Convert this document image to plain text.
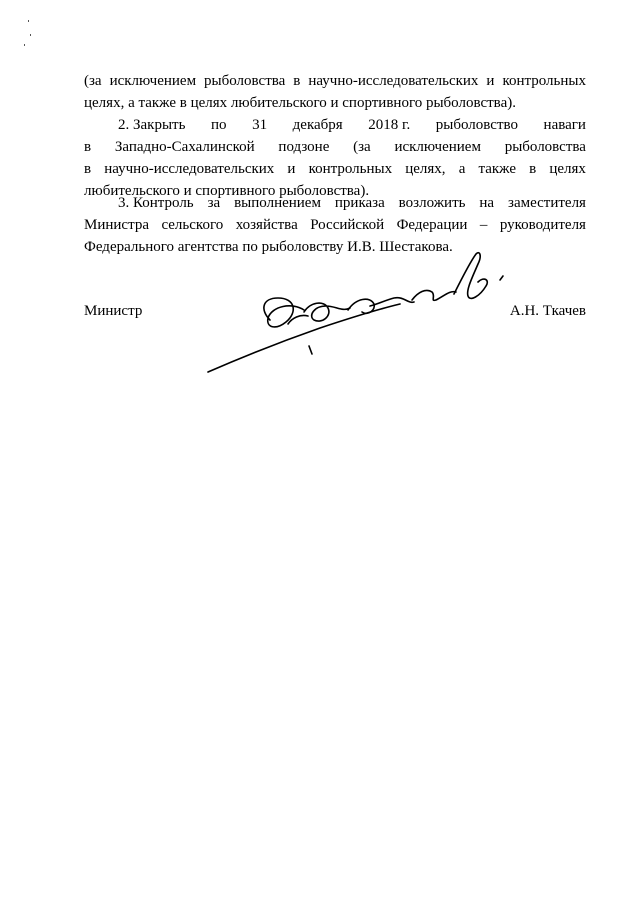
(за исключением рыболовства в научно-исследовательских и контрольных
целях, а также в целях любительского и спортивного рыболовства).
2. Закрыть по 31 декабря 2018 г. рыболовство наваги
в Западно-Сахалинской подзоне (за исключением рыболовства
в научно-исследовательских и контрольных целях, а также в целях
любительского и спортивного рыболовства).
3. Контроль за выполнением приказа возложить на заместителя
Министра сельского хозяйства Российской Федерации – руководителя
Федерального агентства по рыболовству И.В. Шестакова.
Министр	А.Н. Ткачев
